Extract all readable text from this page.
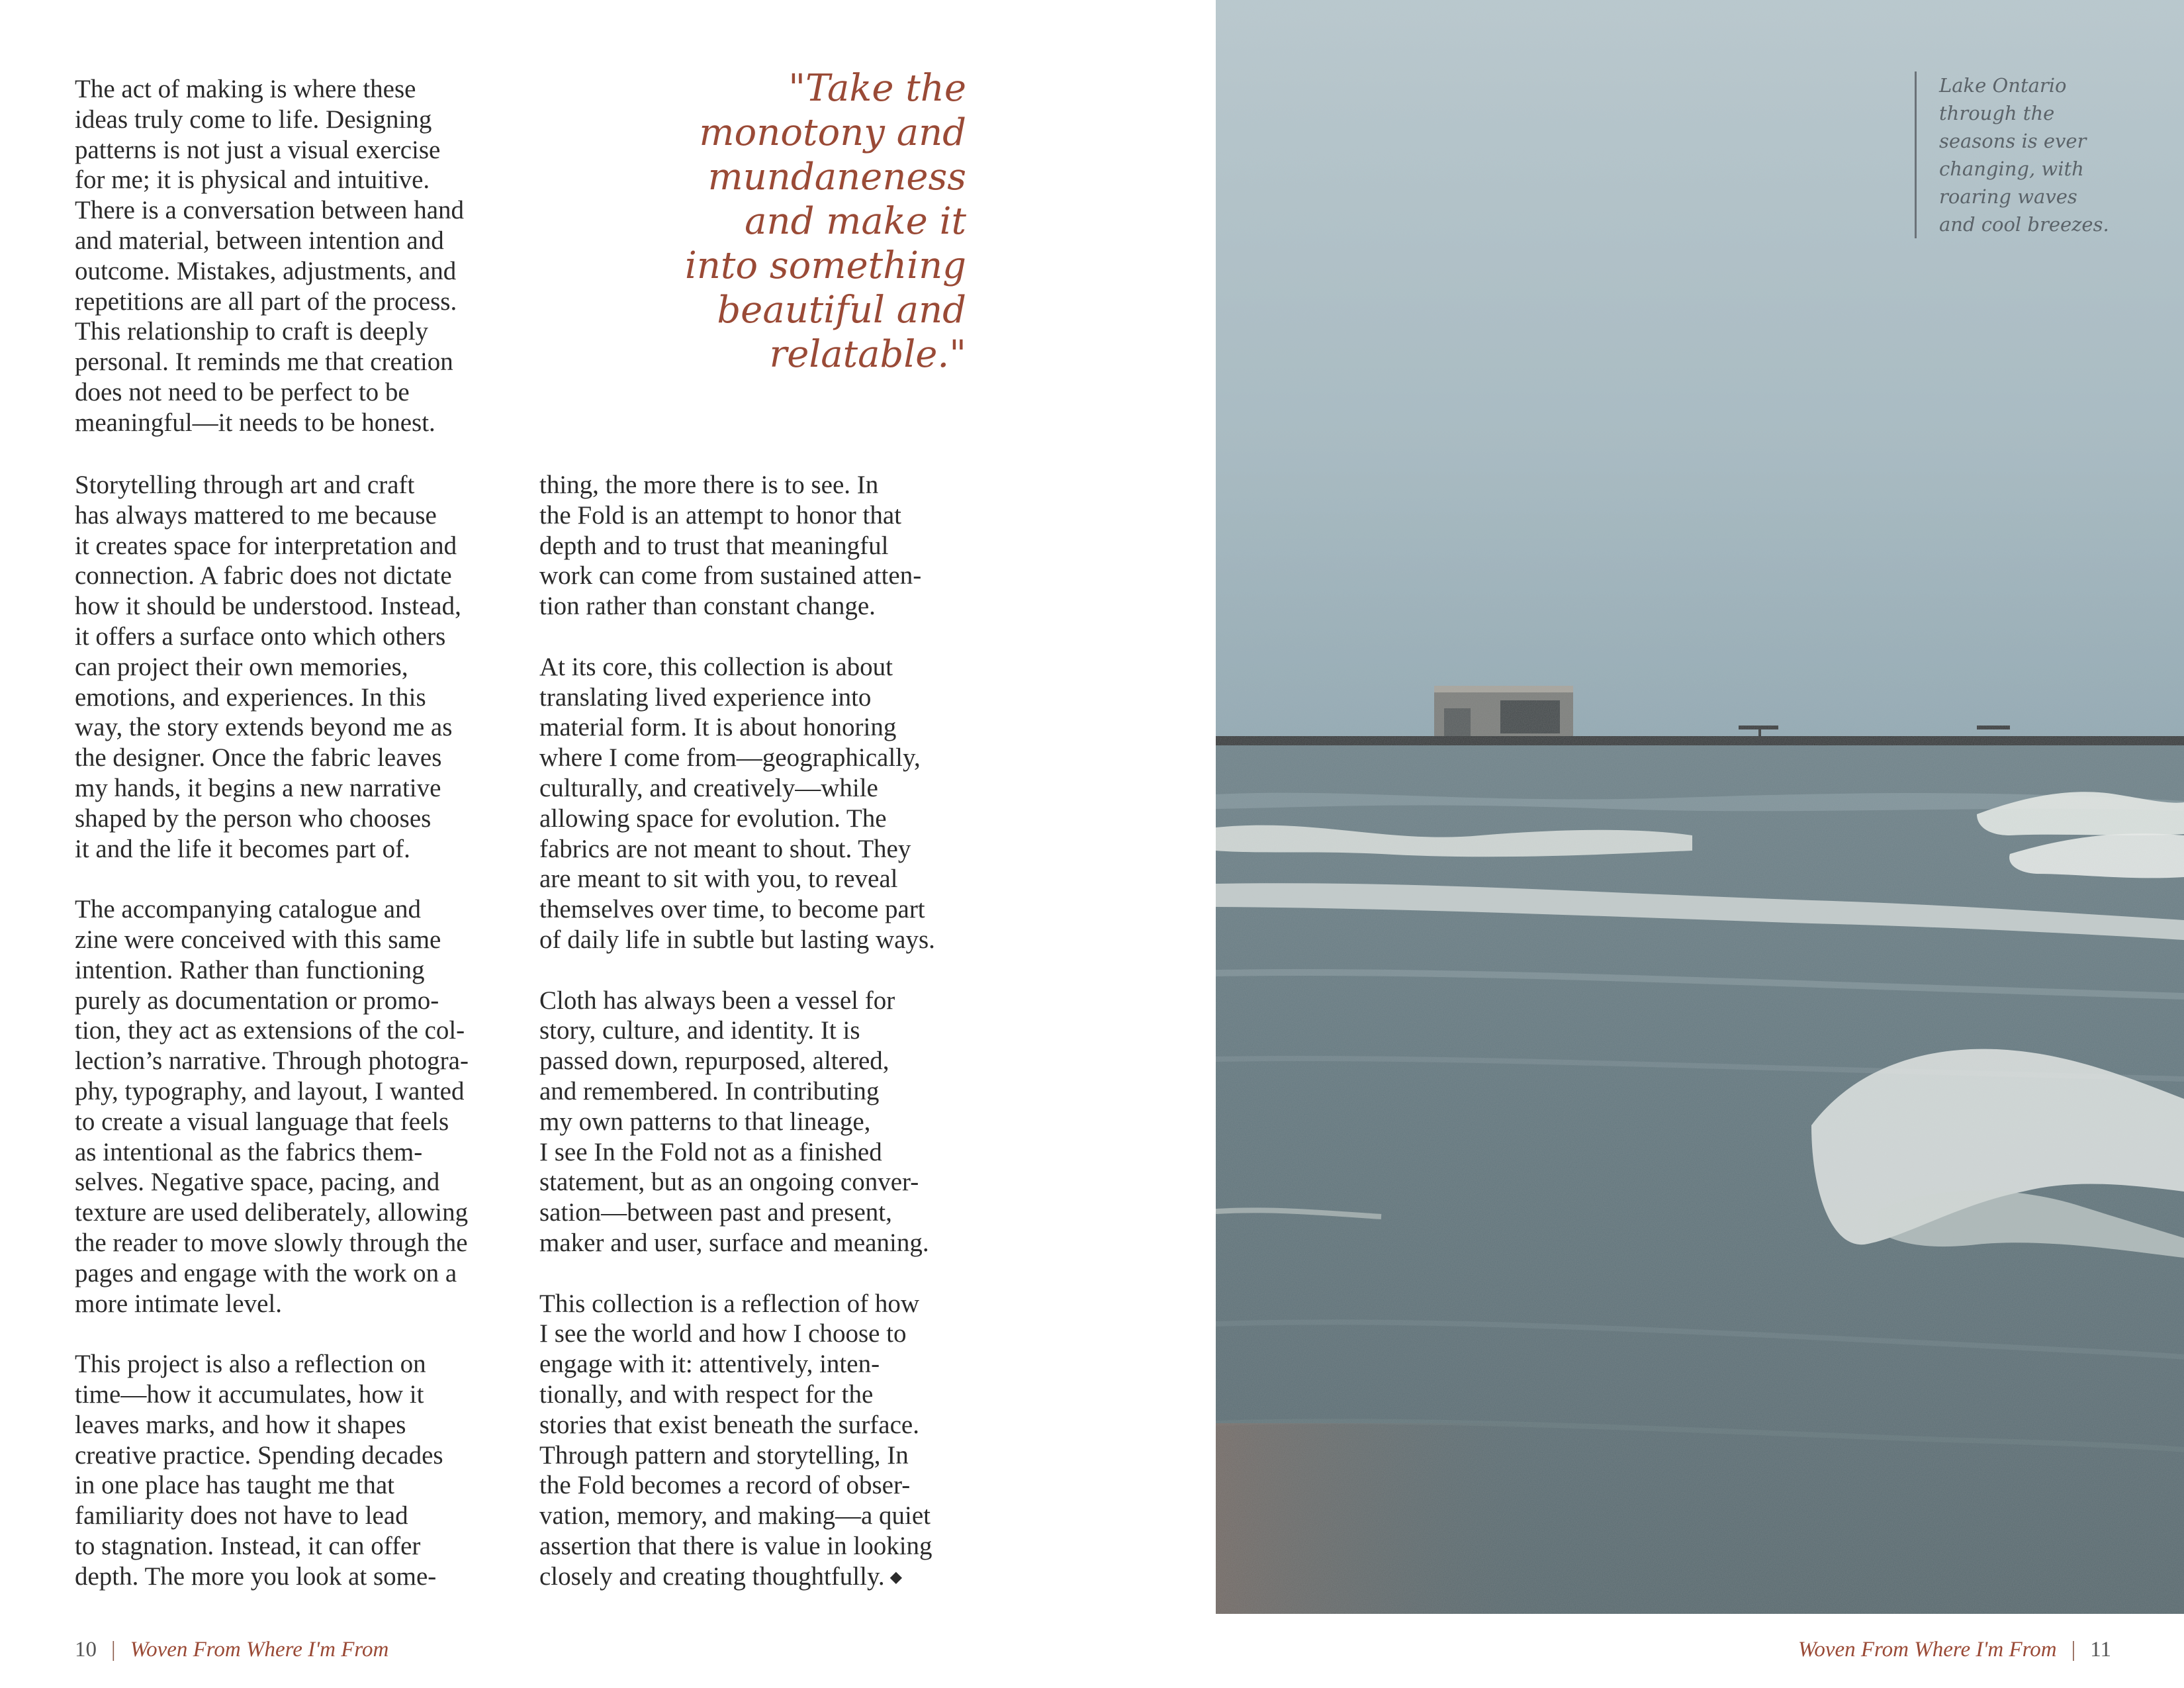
The act of making is where these
ideas truly come to life. Designing
patterns is not just a visual exercise
for me; it is physical and intuitive.
There is a conversation between hand
and material, between intention and
outcome. Mistakes, adjustments, and
repetitions are all part of the process.
This relationship to craft is deeply
personal. It reminds me that creation
does not need to be perfect to be
meaningful—it needs to be honest.

"Take the
monotony and
mundaneness
and make it
into something
beautiful and
relatable."

Storytelling through art and craft
has always mattered to me because
it creates space for interpretation and
connection. A fabric does not dictate
how it should be understood. Instead,
it offers a surface onto which others
can project their own memories,
emotions, and experiences. In this
way, the story extends beyond me as
the designer. Once the fabric leaves
my hands, it begins a new narrative
shaped by the person who chooses
it and the life it becomes part of.

The accompanying catalogue and
zine were conceived with this same
intention. Rather than functioning
purely as documentation or promo-
tion, they act as extensions of the col-
lection’s narrative. Through photogra-
phy, typography, and layout, I wanted
to create a visual language that feels
as intentional as the fabrics them-
selves. Negative space, pacing, and
texture are used deliberately, allowing
the reader to move slowly through the
pages and engage with the work on a
more intimate level.

This project is also a reflection on
time—how it accumulates, how it
leaves marks, and how it shapes
creative practice. Spending decades
in one place has taught me that
familiarity does not have to lead
to stagnation. Instead, it can offer
depth. The more you look at some-

thing, the more there is to see. In
the Fold is an attempt to honor that
depth and to trust that meaningful
work can come from sustained atten-
tion rather than constant change.

At its core, this collection is about
translating lived experience into
material form. It is about honoring
where I come from—geographically,
culturally, and creatively—while
allowing space for evolution. The
fabrics are not meant to shout. They
are meant to sit with you, to reveal
themselves over time, to become part
of daily life in subtle but lasting ways.

Cloth has always been a vessel for
story, culture, and identity. It is
passed down, repurposed, altered,
and remembered. In contributing
my own patterns to that lineage,
I see In the Fold not as a finished
statement, but as an ongoing conver-
sation—between past and present,
maker and user, surface and meaning.

This collection is a reflection of how
I see the world and how I choose to
engage with it: attentively, inten-
tionally, and with respect for the
stories that exist beneath the surface.
Through pattern and storytelling, In
the Fold becomes a record of obser-
vation, memory, and making—a quiet
assertion that there is value in looking
closely and creating thoughtfully. ◆

10 | Woven From Where I'm From
Lake Ontario
through the
seasons is ever
changing, with
roaring waves
and cool breezes.
Woven From Where I'm From | 11
